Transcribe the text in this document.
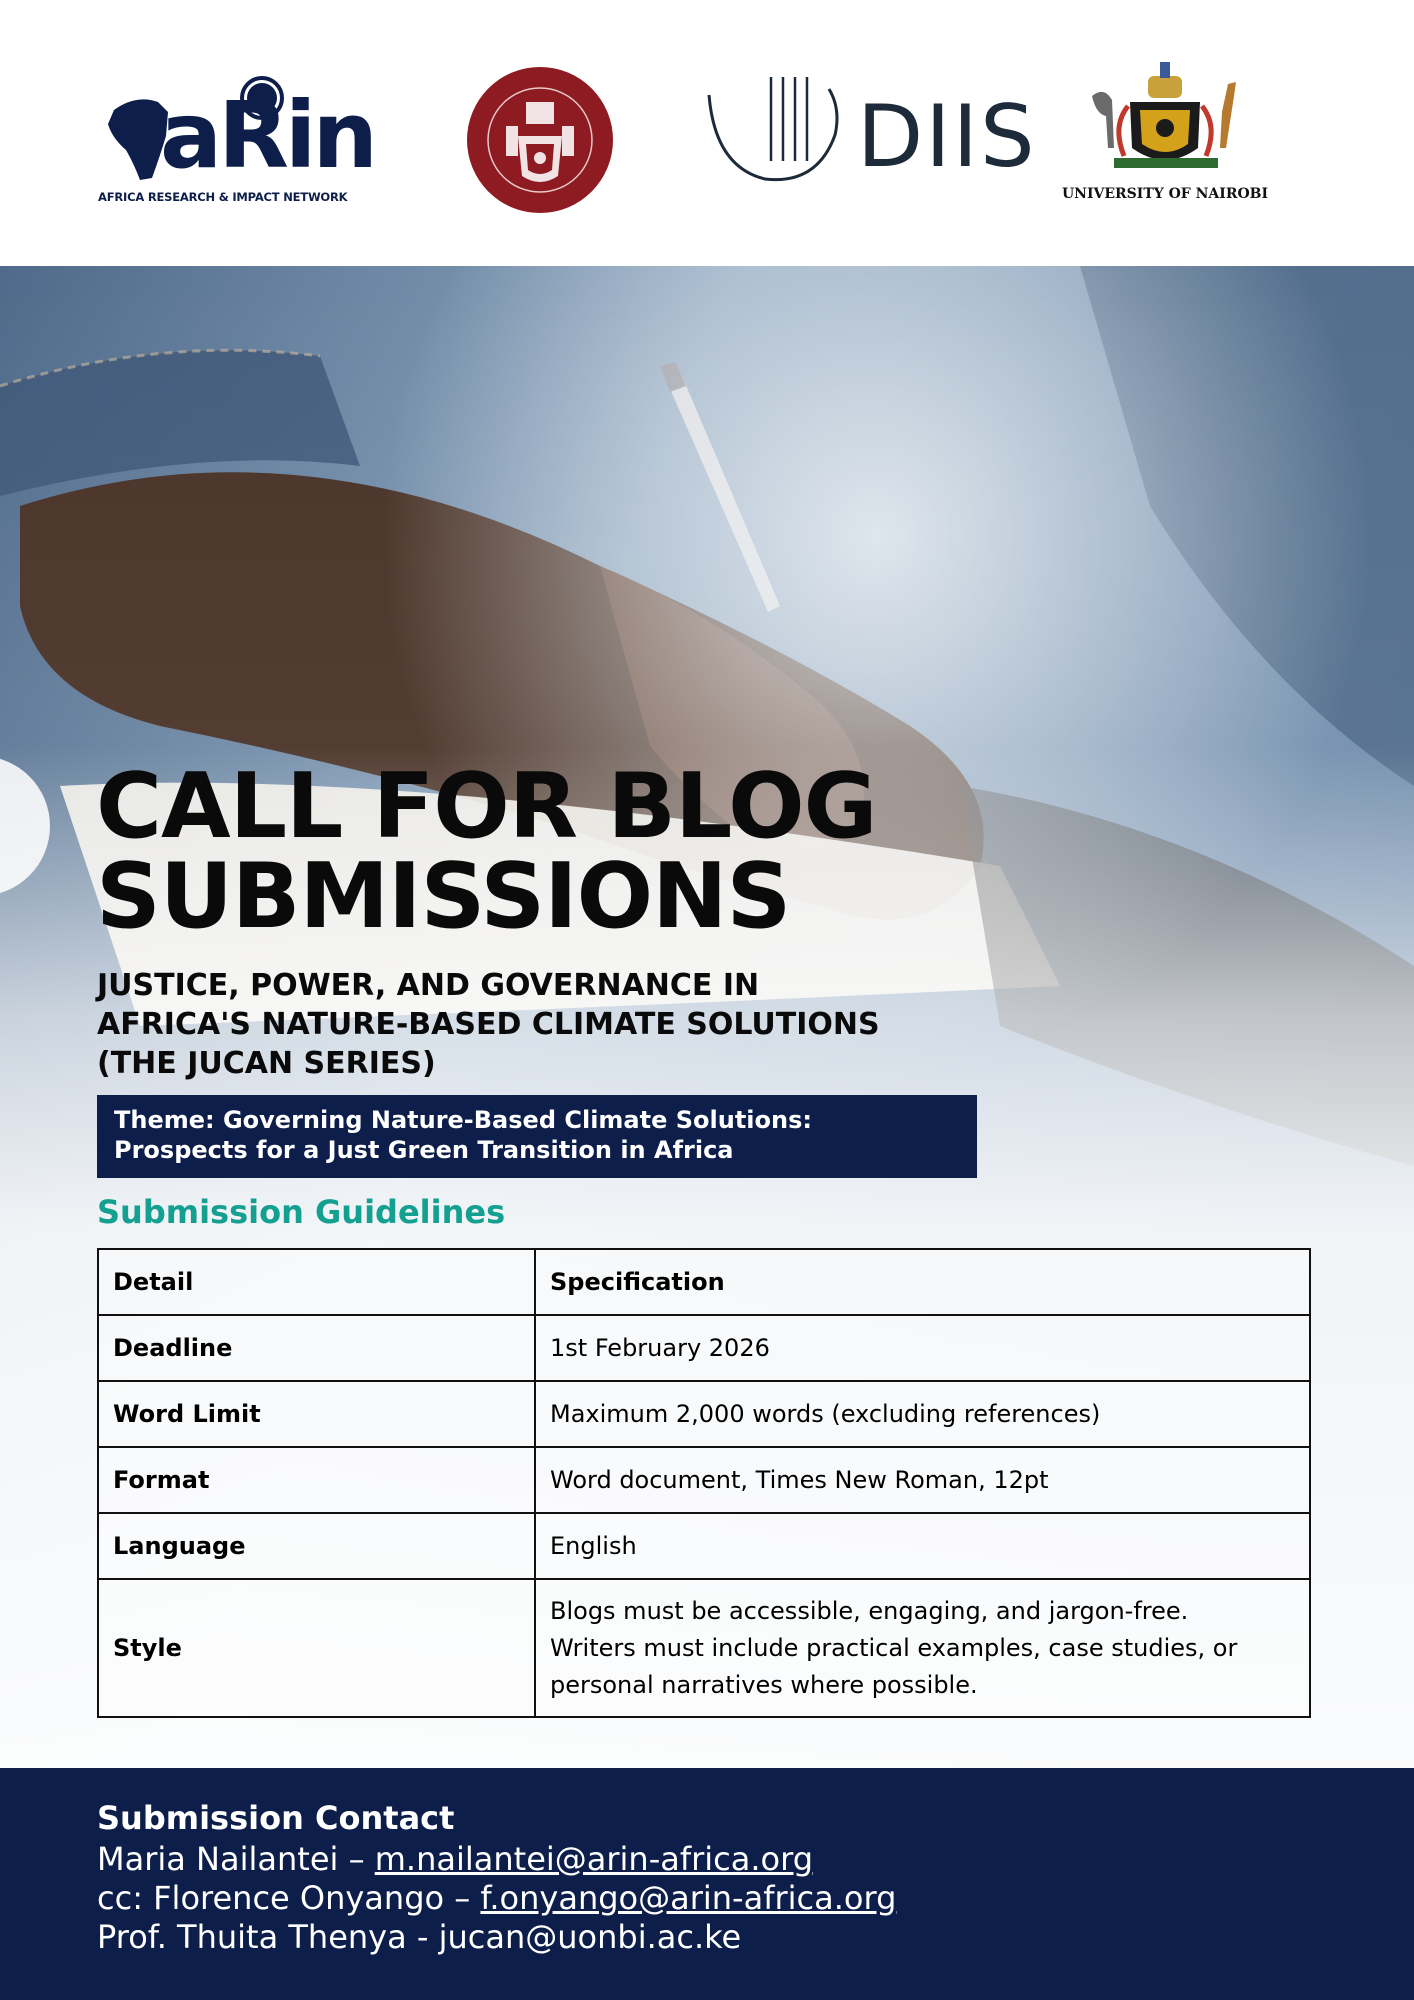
aRin
AFRICA RESEARCH & IMPACT NETWORK
DIIS
UNIVERSITY OF NAIROBI
CALL FOR BLOG
SUBMISSIONS
JUSTICE, POWER, AND GOVERNANCE IN
AFRICA'S NATURE-BASED CLIMATE SOLUTIONS
(THE JUCAN SERIES)
Theme: Governing Nature-Based Climate Solutions:
Prospects for a Just Green Transition in Africa
Submission Guidelines
Detail	Specification
Deadline	1st February 2026
Word Limit	Maximum 2,000 words (excluding references)
Format	Word document, Times New Roman, 12pt
Language	English
Style	Blogs must be accessible, engaging, and jargon-free.
Writers must include practical examples, case studies, or
personal narratives where possible.
Submission Contact
Maria Nailantei – m.nailantei@arin-africa.org
cc: Florence Onyango – f.onyango@arin-africa.org
Prof. Thuita Thenya - jucan@uonbi.ac.ke
